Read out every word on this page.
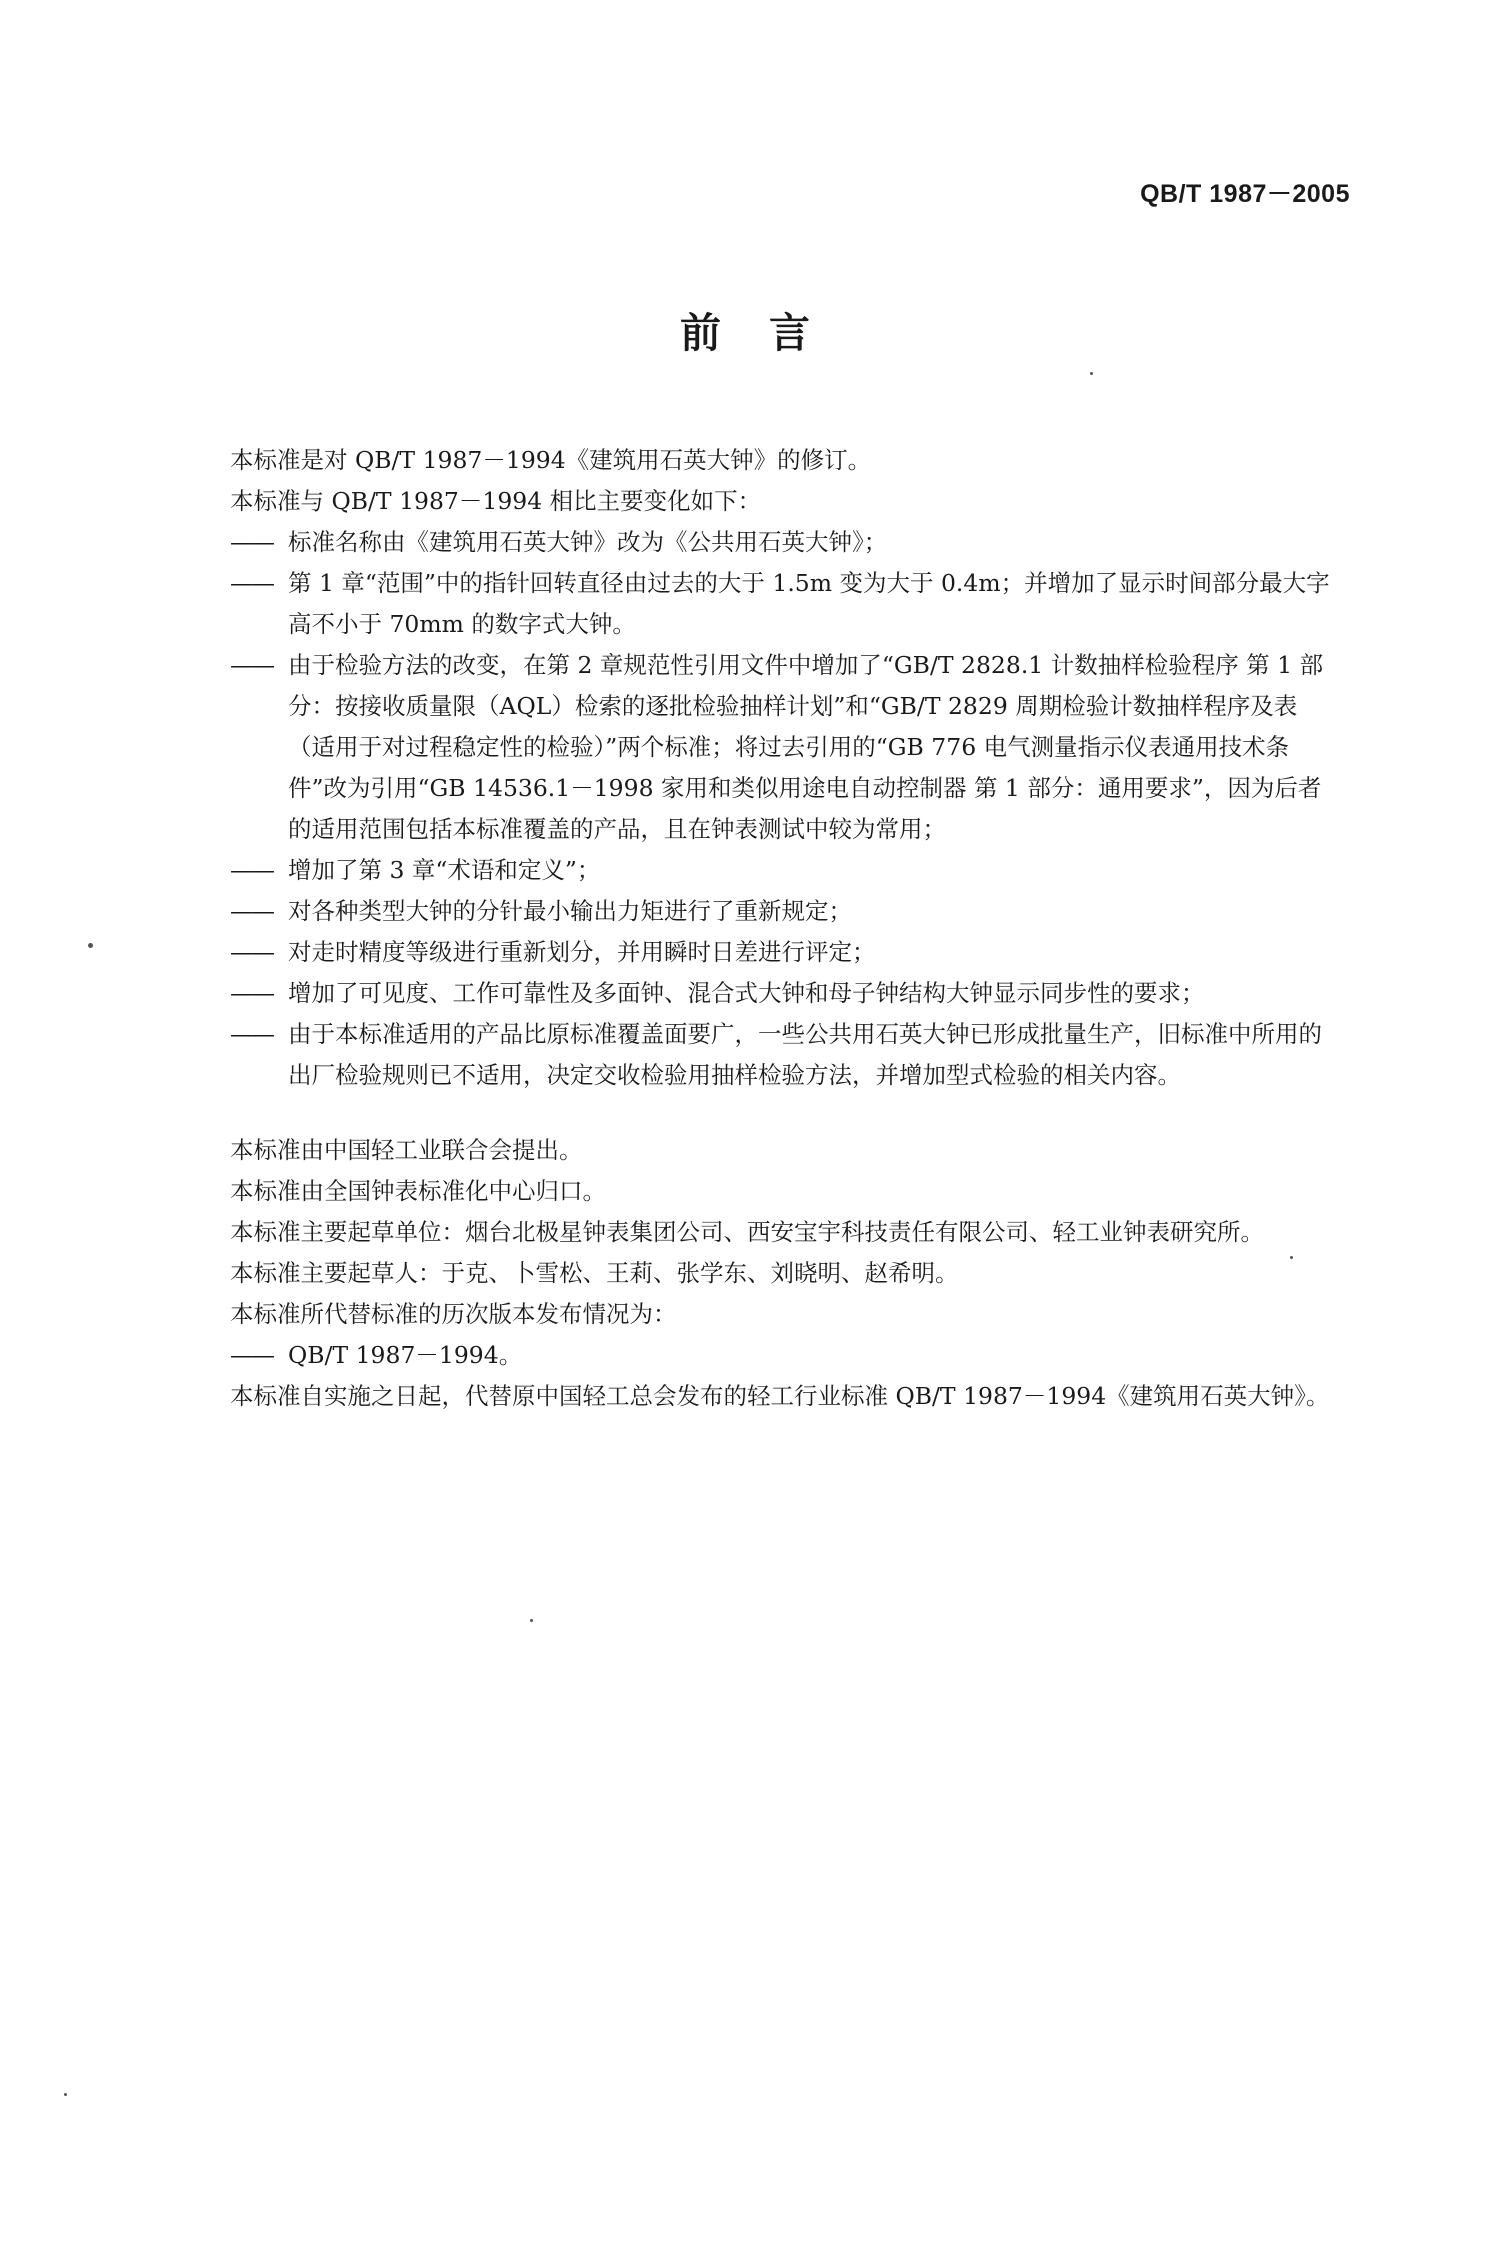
QB/T 1987－2005
前言

本标准是对 QB/T 1987－1994《建筑用石英大钟》的修订。

本标准与 QB/T 1987－1994 相比主要变化如下：

—— 标准名称由《建筑用石英大钟》改为《公共用石英大钟》；
—— 第 1 章“范围”中的指针回转直径由过去的大于 1.5m 变为大于 0.4m；并增加了显示时间部分最大字高不小于 70mm 的数字式大钟。
—— 由于检验方法的改变，在第 2 章规范性引用文件中增加了“GB/T 2828.1 计数抽样检验程序 第 1 部分：按接收质量限（AQL）检索的逐批检验抽样计划”和“GB/T 2829 周期检验计数抽样程序及表（适用于对过程稳定性的检验）”两个标准；将过去引用的“GB 776 电气测量指示仪表通用技术条件”改为引用“GB 14536.1－1998 家用和类似用途电自动控制器 第 1 部分：通用要求”，因为后者的适用范围包括本标准覆盖的产品，且在钟表测试中较为常用；
—— 增加了第 3 章“术语和定义”；
—— 对各种类型大钟的分针最小输出力矩进行了重新规定；
—— 对走时精度等级进行重新划分，并用瞬时日差进行评定；
—— 增加了可见度、工作可靠性及多面钟、混合式大钟和母子钟结构大钟显示同步性的要求；
—— 由于本标准适用的产品比原标准覆盖面要广，一些公共用石英大钟已形成批量生产，旧标准中所用的出厂检验规则已不适用，决定交收检验用抽样检验方法，并增加型式检验的相关内容。

本标准由中国轻工业联合会提出。

本标准由全国钟表标准化中心归口。

本标准主要起草单位：烟台北极星钟表集团公司、西安宝宇科技责任有限公司、轻工业钟表研究所。

本标准主要起草人：于克、卜雪松、王莉、张学东、刘晓明、赵希明。

本标准所代替标准的历次版本发布情况为：

—— QB/T 1987－1994。

本标准自实施之日起，代替原中国轻工总会发布的轻工行业标准 QB/T 1987－1994《建筑用石英大钟》。
